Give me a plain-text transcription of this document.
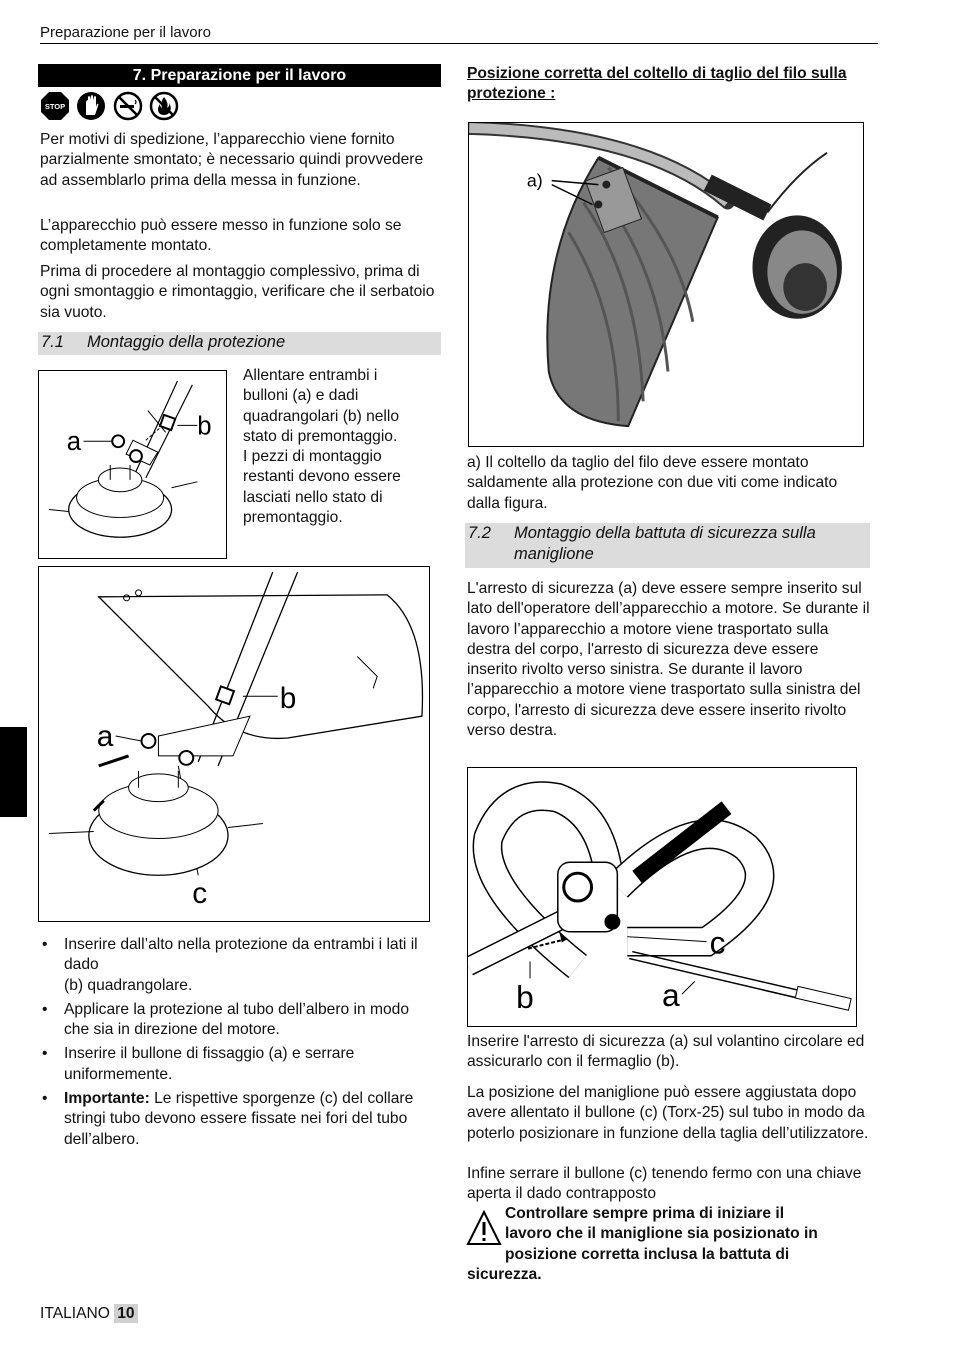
Preparazione per il lavoro
7. Preparazione per il lavoro
STOP

Per motivi di spedizione, l’apparecchio viene fornito parzialmente smontato; è necessario quindi provvedere ad assemblarlo prima della messa in funzione.

L’apparecchio può essere messo in funzione solo se completamente montato.

Prima di procedere al montaggio complessivo, prima di ogni smontaggio e rimontaggio, verificare che il serbatoio sia vuoto.

7.1 Montaggio della protezione
a
b
Allentare entrambi i
bulloni (a) e dadi
quadrangolari (b) nello
stato di premontaggio.
I pezzi di montaggio
restanti devono essere
lasciati nello stato di
premontaggio.
a
b
c
• Inserire dall’alto nella protezione da entrambi i lati il dado
(b) quadrangolare.
• Applicare la protezione al tubo dell’albero in modo che sia in direzione del motore.
• Inserire il bullone di fissaggio (a) e serrare uniformemente.
• Importante: Le rispettive sporgenze (c) del collare stringi tubo devono essere fissate nei fori del tubo dell’albero.
Posizione corretta del coltello di taglio del filo sulla protezione :
a)

a) Il coltello da taglio del filo deve essere montato saldamente alla protezione con due viti come indicato dalla figura.

7.2 Montaggio della battuta di sicurezza sulla
maniglione

L'arresto di sicurezza (a) deve essere sempre inserito sul lato dell'operatore dell’apparecchio a motore. Se durante il lavoro l’apparecchio a motore viene trasportato sulla destra del corpo, l'arresto di sicurezza deve essere inserito rivolto verso sinistra. Se durante il lavoro l’apparecchio a motore viene trasportato sulla sinistra del corpo, l'arresto di sicurezza deve essere inserito rivolto verso destra.

c
b	a

Inserire l'arresto di sicurezza (a) sul volantino circolare ed assicurarlo con il fermaglio (b).

La posizione del maniglione può essere aggiustata dopo avere allentato il bullone (c) (Torx-25) sul tubo in modo da poterlo posizionare in funzione della taglia dell’utilizzatore.

Infine serrare il bullone (c) tenendo fermo con una chiave aperta il dado contrapposto

Controllare sempre prima di iniziare il
lavoro che il maniglione sia posizionato in
posizione corretta inclusa la battuta di
sicurezza.
ITALIANO 10
